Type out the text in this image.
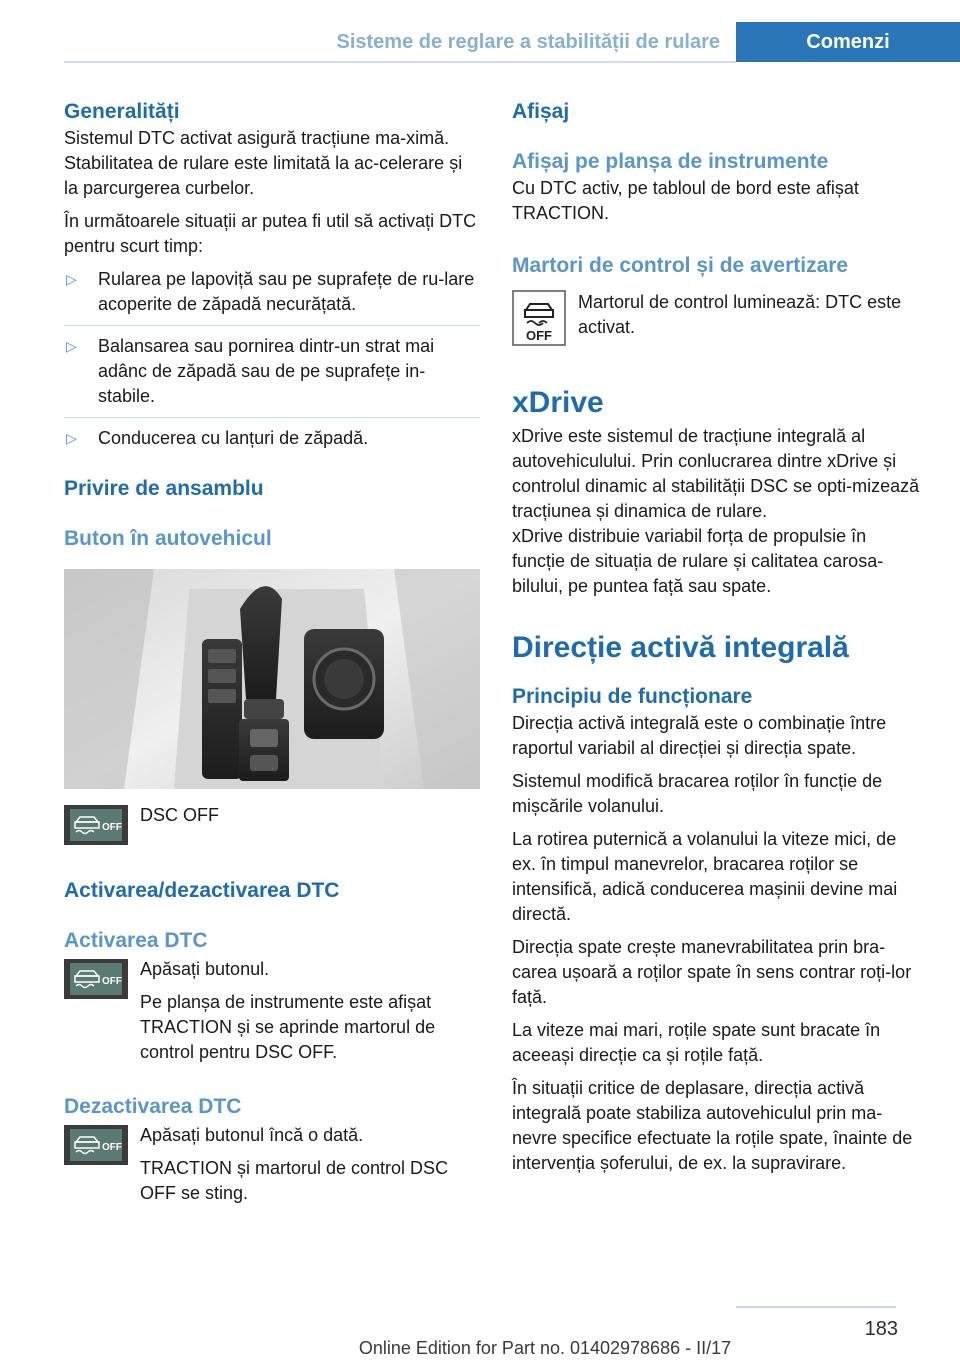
Sisteme de reglare a stabilității de rulare	Comenzi
Generalități

Sistemul DTC activat asigură tracțiune ma-ximă. Stabilitatea de rulare este limitată la ac-celerare și la parcurgerea curbelor.

În următoarele situații ar putea fi util să activați DTC pentru scurt timp:

▷ Rularea pe lapoviță sau pe suprafețe de ru-lare acoperite de zăpadă necurățată.
▷ Balansarea sau pornirea dintr-un strat mai adânc de zăpadă sau de pe suprafețe in-stabile.
▷ Conducerea cu lanțuri de zăpadă.
Privire de ansamblu
Buton în autovehicul
OFF

DSC OFF

Activarea/dezactivarea DTC
Activarea DTC
OFF

Apăsați butonul.

Pe planșa de instrumente este afișat TRACTION și se aprinde martorul de control pentru DSC OFF.

Dezactivarea DTC
OFF

Apăsați butonul încă o dată.

TRACTION și martorul de control DSC OFF se sting.

Afișaj
Afișaj pe planșa de instrumente

Cu DTC activ, pe tabloul de bord este afișat TRACTION.

Martori de control și de avertizare
OFF

Martorul de control luminează: DTC este activat.

xDrive

xDrive este sistemul de tracțiune integrală al autovehiculului. Prin conlucrarea dintre xDrive și controlul dinamic al stabilității DSC se opti-mizează tracțiunea și dinamica de rulare.

xDrive distribuie variabil forța de propulsie în funcție de situația de rulare și calitatea carosa-bilului, pe puntea față sau spate.

Direcție activă integrală
Principiu de funcționare

Direcția activă integrală este o combinație între raportul variabil al direcției și direcția spate.

Sistemul modifică bracarea roților în funcție de mișcările volanului.

La rotirea puternică a volanului la viteze mici, de ex. în timpul manevrelor, bracarea roților se intensifică, adică conducerea mașinii devine mai directă.

Direcția spate crește manevrabilitatea prin bra-carea ușoară a roților spate în sens contrar roți-lor față.

La viteze mai mari, roțile spate sunt bracate în aceeași direcție ca și roțile față.

În situații critice de deplasare, direcția activă integrală poate stabiliza autovehiculul prin ma-nevre specifice efectuate la roțile spate, înainte de intervenția șoferului, de ex. la supravirare.

183
Online Edition for Part no. 01402978686 - II/17
